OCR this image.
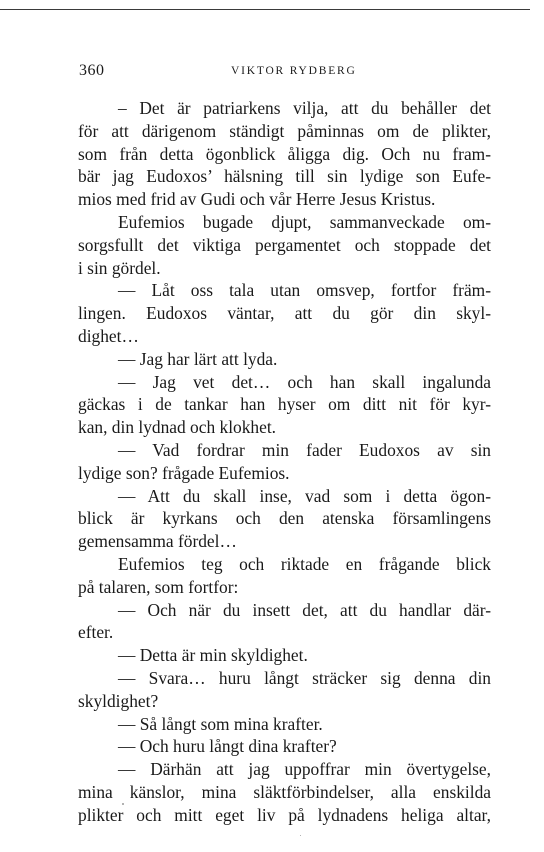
360	VIKTOR RYDBERG
– Det är patriarkens vilja, att du behåller det
för att därigenom ständigt påminnas om de plikter,
som från detta ögonblick åligga dig. Och nu fram-
bär jag Eudoxos’ hälsning till sin lydige son Eufe-
mios med frid av Gudi och vår Herre Jesus Kristus.
Eufemios bugade djupt, sammanveckade om-
sorgsfullt det viktiga pergamentet och stoppade det
i sin gördel.
— Låt oss tala utan omsvep, fortfor främ-
lingen. Eudoxos väntar, att du gör din skyl-
dighet…
— Jag har lärt att lyda.
— Jag vet det… och han skall ingalunda
gäckas i de tankar han hyser om ditt nit för kyr-
kan, din lydnad och klokhet.
— Vad fordrar min fader Eudoxos av sin
lydige son? frågade Eufemios.
— Att du skall inse, vad som i detta ögon-
blick är kyrkans och den atenska församlingens
gemensamma fördel…
Eufemios teg och riktade en frågande blick
på talaren, som fortfor:
— Och när du insett det, att du handlar där-
efter.
— Detta är min skyldighet.
— Svara… huru långt sträcker sig denna din
skyldighet?
— Så långt som mina krafter.
— Och huru långt dina krafter?
— Därhän att jag uppoffrar min övertygelse,
mina känslor, mina släktförbindelser, alla enskilda
plikter och mitt eget liv på lydnadens heliga altar,
